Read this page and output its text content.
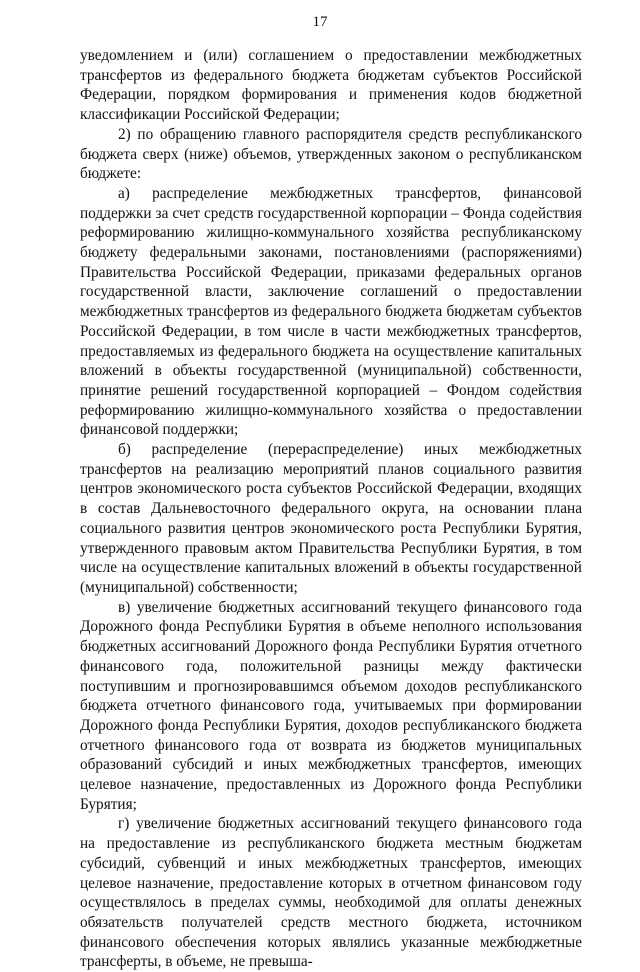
17

уведомлением и (или) соглашением о предоставлении межбюджетных трансфертов из федерального бюджета бюджетам субъектов Российской Федерации, порядком формирования и применения кодов бюджетной классификации Российской Федерации;

2) по обращению главного распорядителя средств республиканского бюджета сверх (ниже) объемов, утвержденных законом о республиканском бюджете:

а) распределение межбюджетных трансфертов, финансовой поддержки за счет средств государственной корпорации – Фонда содействия реформированию жилищно-коммунального хозяйства республиканскому бюджету федеральными законами, постановлениями (распоряжениями) Правительства Российской Федерации, приказами федеральных органов государственной власти, заключение соглашений о предоставлении межбюджетных трансфертов из федерального бюджета бюджетам субъектов Российской Федерации, в том числе в части межбюджетных трансфертов, предоставляемых из федерального бюджета на осуществление капитальных вложений в объекты государственной (муниципальной) собственности, принятие решений государственной корпорацией – Фондом содействия реформированию жилищно-коммунального хозяйства о предоставлении финансовой поддержки;

б) распределение (перераспределение) иных межбюджетных трансфертов на реализацию мероприятий планов социального развития центров экономического роста субъектов Российской Федерации, входящих в состав Дальневосточного федерального округа, на основании плана социального развития центров экономического роста Республики Бурятия, утвержденного правовым актом Правительства Республики Бурятия, в том числе на осуществление капитальных вложений в объекты государственной (муниципальной) собственности;

в) увеличение бюджетных ассигнований текущего финансового года Дорожного фонда Республики Бурятия в объеме неполного использования бюджетных ассигнований Дорожного фонда Республики Бурятия отчетного финансового года, положительной разницы между фактически поступившим и прогнозировавшимся объемом доходов республиканского бюджета отчетного финансового года, учитываемых при формировании Дорожного фонда Республики Бурятия, доходов республиканского бюджета отчетного финансового года от возврата из бюджетов муниципальных образований субсидий и иных межбюджетных трансфертов, имеющих целевое назначение, предоставленных из Дорожного фонда Республики Бурятия;

г) увеличение бюджетных ассигнований текущего финансового года на предоставление из республиканского бюджета местным бюджетам субсидий, субвенций и иных межбюджетных трансфертов, имеющих целевое назначение, предоставление которых в отчетном финансовом году осуществлялось в пределах суммы, необходимой для оплаты денежных обязательств получателей средств местного бюджета, источником финансового обеспечения которых являлись указанные межбюджетные трансферты, в объеме, не превыша-
